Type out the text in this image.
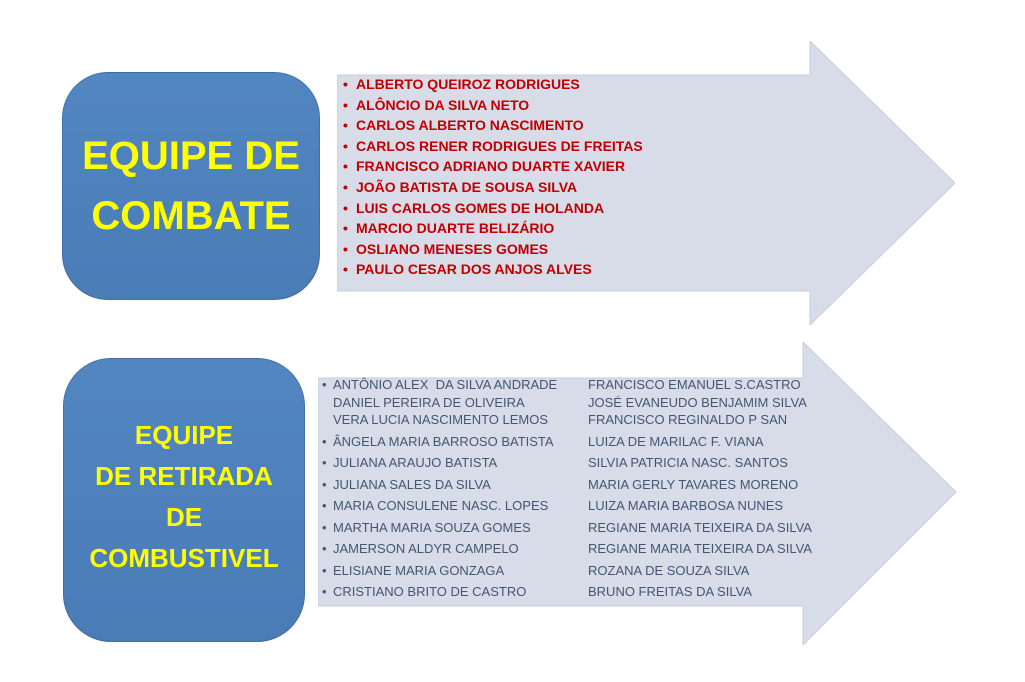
• ALBERTO QUEIROZ RODRIGUES
• ALÔNCIO DA SILVA NETO
• CARLOS ALBERTO NASCIMENTO
• CARLOS RENER RODRIGUES DE FREITAS
• FRANCISCO ADRIANO DUARTE XAVIER
• JOÃO BATISTA DE SOUSA SILVA
• LUIS CARLOS GOMES DE HOLANDA
• MARCIO DUARTE BELIZÁRIO
• OSLIANO MENESES GOMES
• PAULO CESAR DOS ANJOS ALVES
EQUIPE DE
COMBATE
• ANTÔNIO ALEX  DA SILVA ANDRADE
DANIEL PEREIRA DE OLIVEIRA
VERA LUCIA NASCIMENTO LEMOS
• ÂNGELA MARIA BARROSO BATISTA
• JULIANA ARAUJO BATISTA
• JULIANA SALES DA SILVA
• MARIA CONSULENE NASC. LOPES
• MARTHA MARIA SOUZA GOMES
• JAMERSON ALDYR CAMPELO
• ELISIANE MARIA GONZAGA
• CRISTIANO BRITO DE CASTRO
FRANCISCO EMANUEL S.CASTRO
JOSÉ EVANEUDO BENJAMIM SILVA
FRANCISCO REGINALDO P SAN
LUIZA DE MARILAC F. VIANA
SILVIA PATRICIA NASC. SANTOS
MARIA GERLY TAVARES MORENO
LUIZA MARIA BARBOSA NUNES
REGIANE MARIA TEIXEIRA DA SILVA
REGIANE MARIA TEIXEIRA DA SILVA
ROZANA DE SOUZA SILVA
BRUNO FREITAS DA SILVA
EQUIPE
DE RETIRADA
DE
COMBUSTIVEL
